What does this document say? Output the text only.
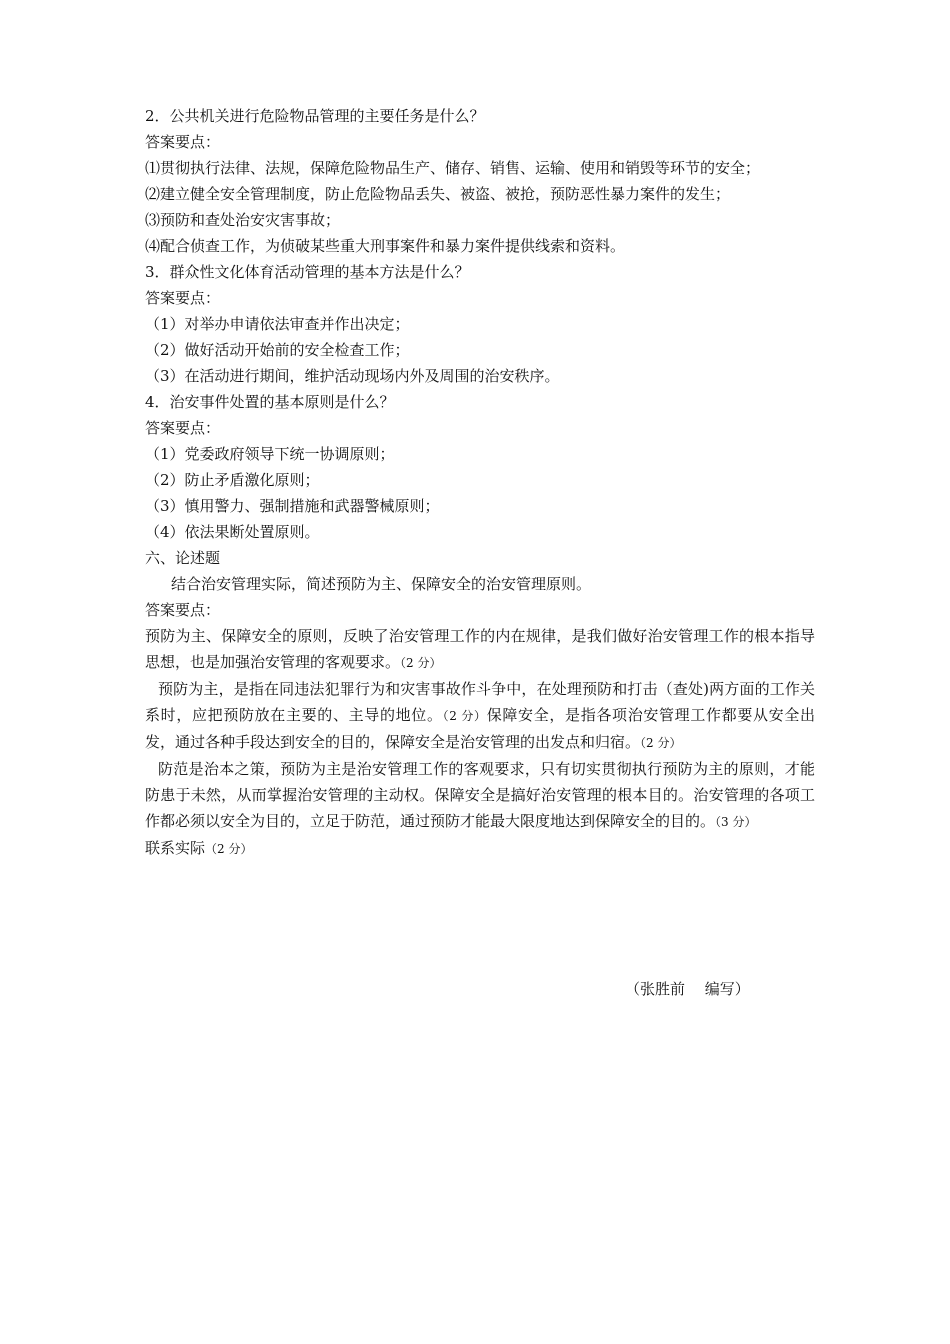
2．公共机关进行危险物品管理的主要任务是什么？
答案要点：
⑴贯彻执行法律、法规，保障危险物品生产、储存、销售、运输、使用和销毁等环节的安全；
⑵建立健全安全管理制度，防止危险物品丢失、被盗、被抢，预防恶性暴力案件的发生；
⑶预防和查处治安灾害事故；
⑷配合侦查工作，为侦破某些重大刑事案件和暴力案件提供线索和资料。
3．群众性文化体育活动管理的基本方法是什么？
答案要点：
（1）对举办申请依法审查并作出决定；
（2）做好活动开始前的安全检查工作；
（3）在活动进行期间，维护活动现场内外及周围的治安秩序。
4．治安事件处置的基本原则是什么？
答案要点：
（1）党委政府领导下统一协调原则；
（2）防止矛盾激化原则；
（3）慎用警力、强制措施和武器警械原则；
（4）依法果断处置原则。
六、论述题
结合治安管理实际，简述预防为主、保障安全的治安管理原则。
答案要点：
预防为主、保障安全的原则，反映了治安管理工作的内在规律，是我们做好治安管理工作的根本指导思想，也是加强治安管理的客观要求。（2 分）
预防为主，是指在同违法犯罪行为和灾害事故作斗争中，在处理预防和打击（查处)两方面的工作关系时，应把预防放在主要的、主导的地位。（2 分）保障安全，是指各项治安管理工作都要从安全出发，通过各种手段达到安全的目的，保障安全是治安管理的出发点和归宿。（2 分）
防范是治本之策，预防为主是治安管理工作的客观要求，只有切实贯彻执行预防为主的原则，才能防患于未然，从而掌握治安管理的主动权。保障安全是搞好治安管理的根本目的。治安管理的各项工作都必须以安全为目的，立足于防范，通过预防才能最大限度地达到保障安全的目的。（3 分）
联系实际（2 分）
（张胜前　 编写）
